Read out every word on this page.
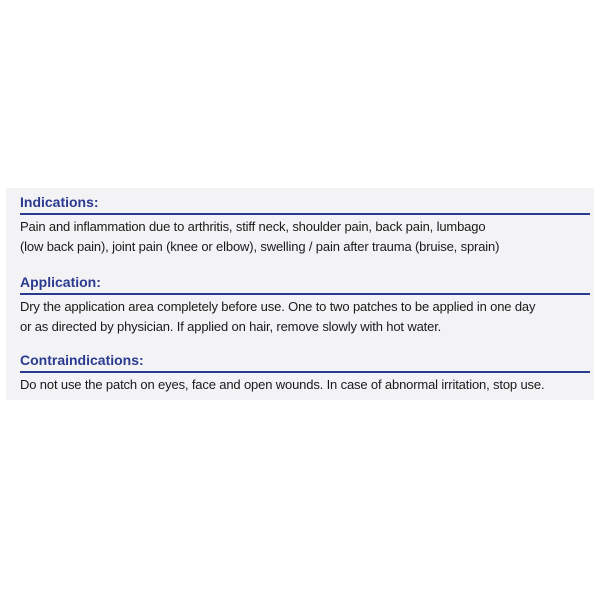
Indications:

Pain and inflammation due to arthritis, stiff neck, shoulder pain, back pain, lumbago
(low back pain), joint pain (knee or elbow), swelling / pain after trauma (bruise, sprain)

Application:

Dry the application area completely before use. One to two patches to be applied in one day
or as directed by physician. If applied on hair, remove slowly with hot water.

Contraindications:

Do not use the patch on eyes, face and open wounds. In case of abnormal irritation, stop use.
